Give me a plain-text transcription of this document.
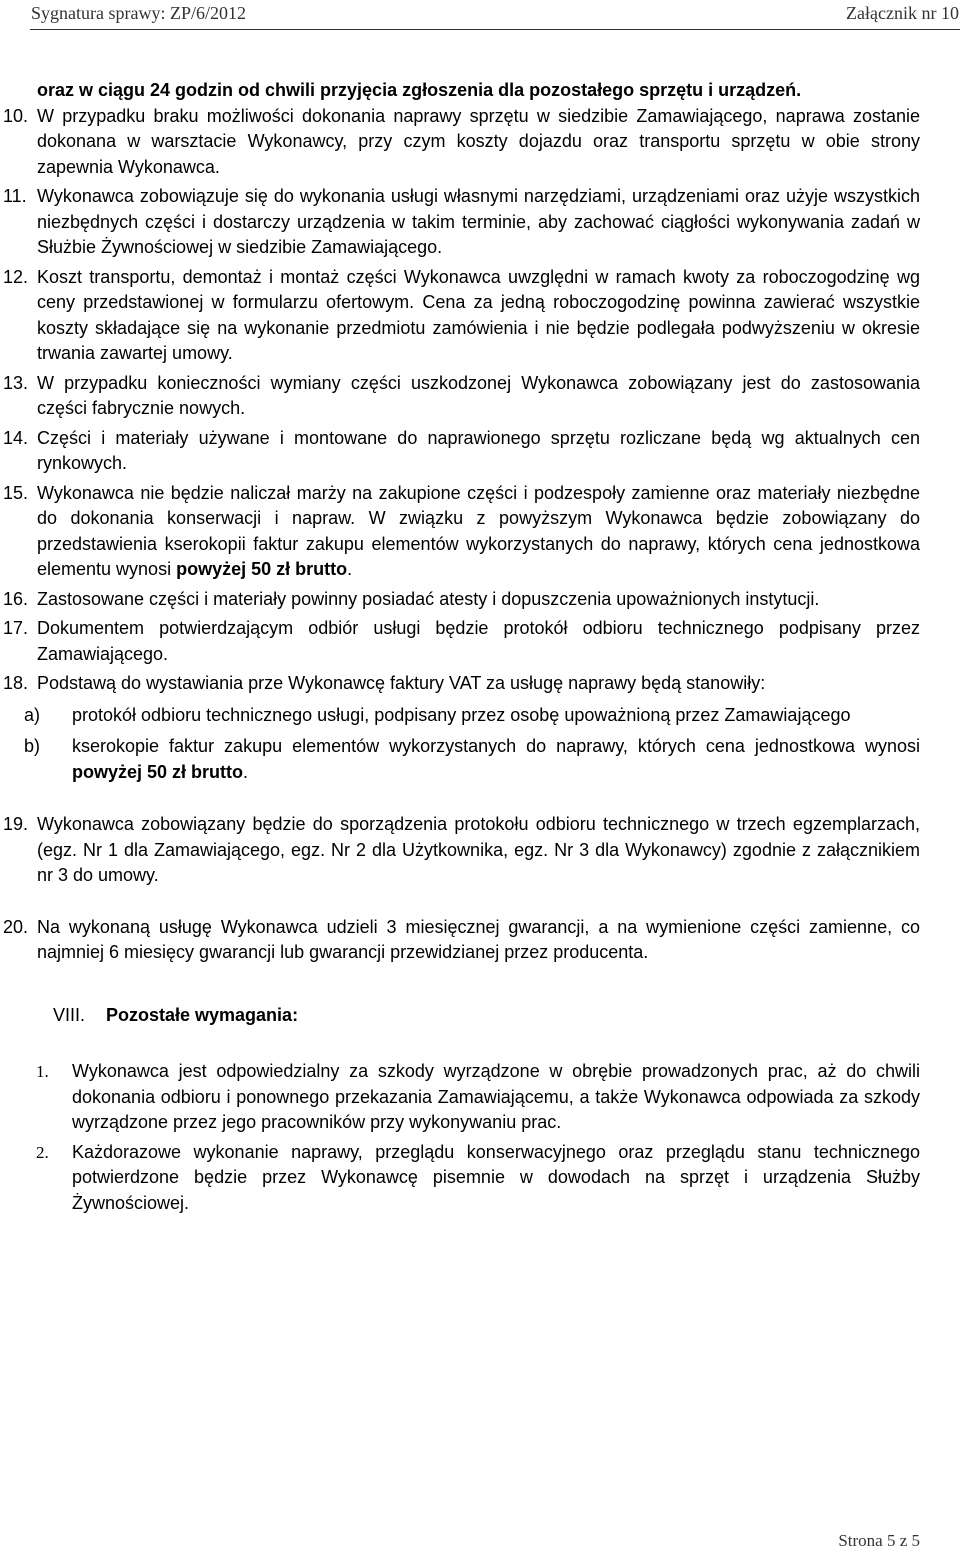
Sygnatura sprawy: ZP/6/2012	Załącznik nr 10
oraz w ciągu 24 godzin od chwili przyjęcia zgłoszenia dla pozostałego sprzętu i urządzeń.
10. W przypadku braku możliwości dokonania naprawy sprzętu w siedzibie Zamawiającego, naprawa zostanie dokonana w warsztacie Wykonawcy, przy czym koszty dojazdu oraz transportu sprzętu w obie strony zapewnia Wykonawca.
11. Wykonawca zobowiązuje się do wykonania usługi własnymi narzędziami, urządzeniami oraz użyje wszystkich niezbędnych części i dostarczy urządzenia w takim terminie, aby zachować ciągłości wykonywania zadań w Służbie Żywnościowej w siedzibie Zamawiającego.
12. Koszt transportu, demontaż i montaż części Wykonawca uwzględni w ramach kwoty za roboczogodzinę wg ceny przedstawionej w formularzu ofertowym. Cena za jedną roboczogodzinę powinna zawierać wszystkie koszty składające się na wykonanie przedmiotu zamówienia i nie będzie podlegała podwyższeniu w okresie trwania zawartej umowy.
13. W przypadku konieczności wymiany części uszkodzonej Wykonawca zobowiązany jest do zastosowania części fabrycznie nowych.
14. Części i materiały używane i montowane do naprawionego sprzętu rozliczane będą wg aktualnych cen rynkowych.
15. Wykonawca nie będzie naliczał marży na zakupione części i podzespoły zamienne oraz materiały niezbędne do dokonania konserwacji i napraw. W związku z powyższym Wykonawca będzie zobowiązany do przedstawienia kserokopii faktur zakupu elementów wykorzystanych do naprawy, których cena jednostkowa elementu wynosi powyżej 50 zł brutto.
16. Zastosowane części i materiały powinny posiadać atesty i dopuszczenia upoważnionych instytucji.
17. Dokumentem potwierdzającym odbiór usługi będzie protokół odbioru technicznego podpisany przez Zamawiającego.
18. Podstawą do wystawiania prze Wykonawcę faktury VAT za usługę naprawy będą stanowiły:
a) protokół odbioru technicznego usługi, podpisany przez osobę upoważnioną przez Zamawiającego
b) kserokopie faktur zakupu elementów wykorzystanych do naprawy, których cena jednostkowa wynosi powyżej 50 zł brutto.
19. Wykonawca zobowiązany będzie do sporządzenia protokołu odbioru technicznego w trzech egzemplarzach, (egz. Nr 1 dla Zamawiającego, egz. Nr 2 dla Użytkownika, egz. Nr 3 dla Wykonawcy) zgodnie z załącznikiem nr 3 do umowy.
20. Na wykonaną usługę Wykonawca udzieli 3 miesięcznej gwarancji, a na wymienione części zamienne, co najmniej 6 miesięcy gwarancji lub gwarancji przewidzianej przez producenta.
VIII. Pozostałe wymagania:
1. Wykonawca jest odpowiedzialny za szkody wyrządzone w obrębie prowadzonych prac, aż do chwili dokonania odbioru i ponownego przekazania Zamawiającemu, a także Wykonawca odpowiada za szkody wyrządzone przez jego pracowników przy wykonywaniu prac.
2. Każdorazowe wykonanie naprawy, przeglądu konserwacyjnego oraz przeglądu stanu technicznego potwierdzone będzie przez Wykonawcę pisemnie w dowodach na sprzęt i urządzenia Służby Żywnościowej.
Strona 5 z 5
